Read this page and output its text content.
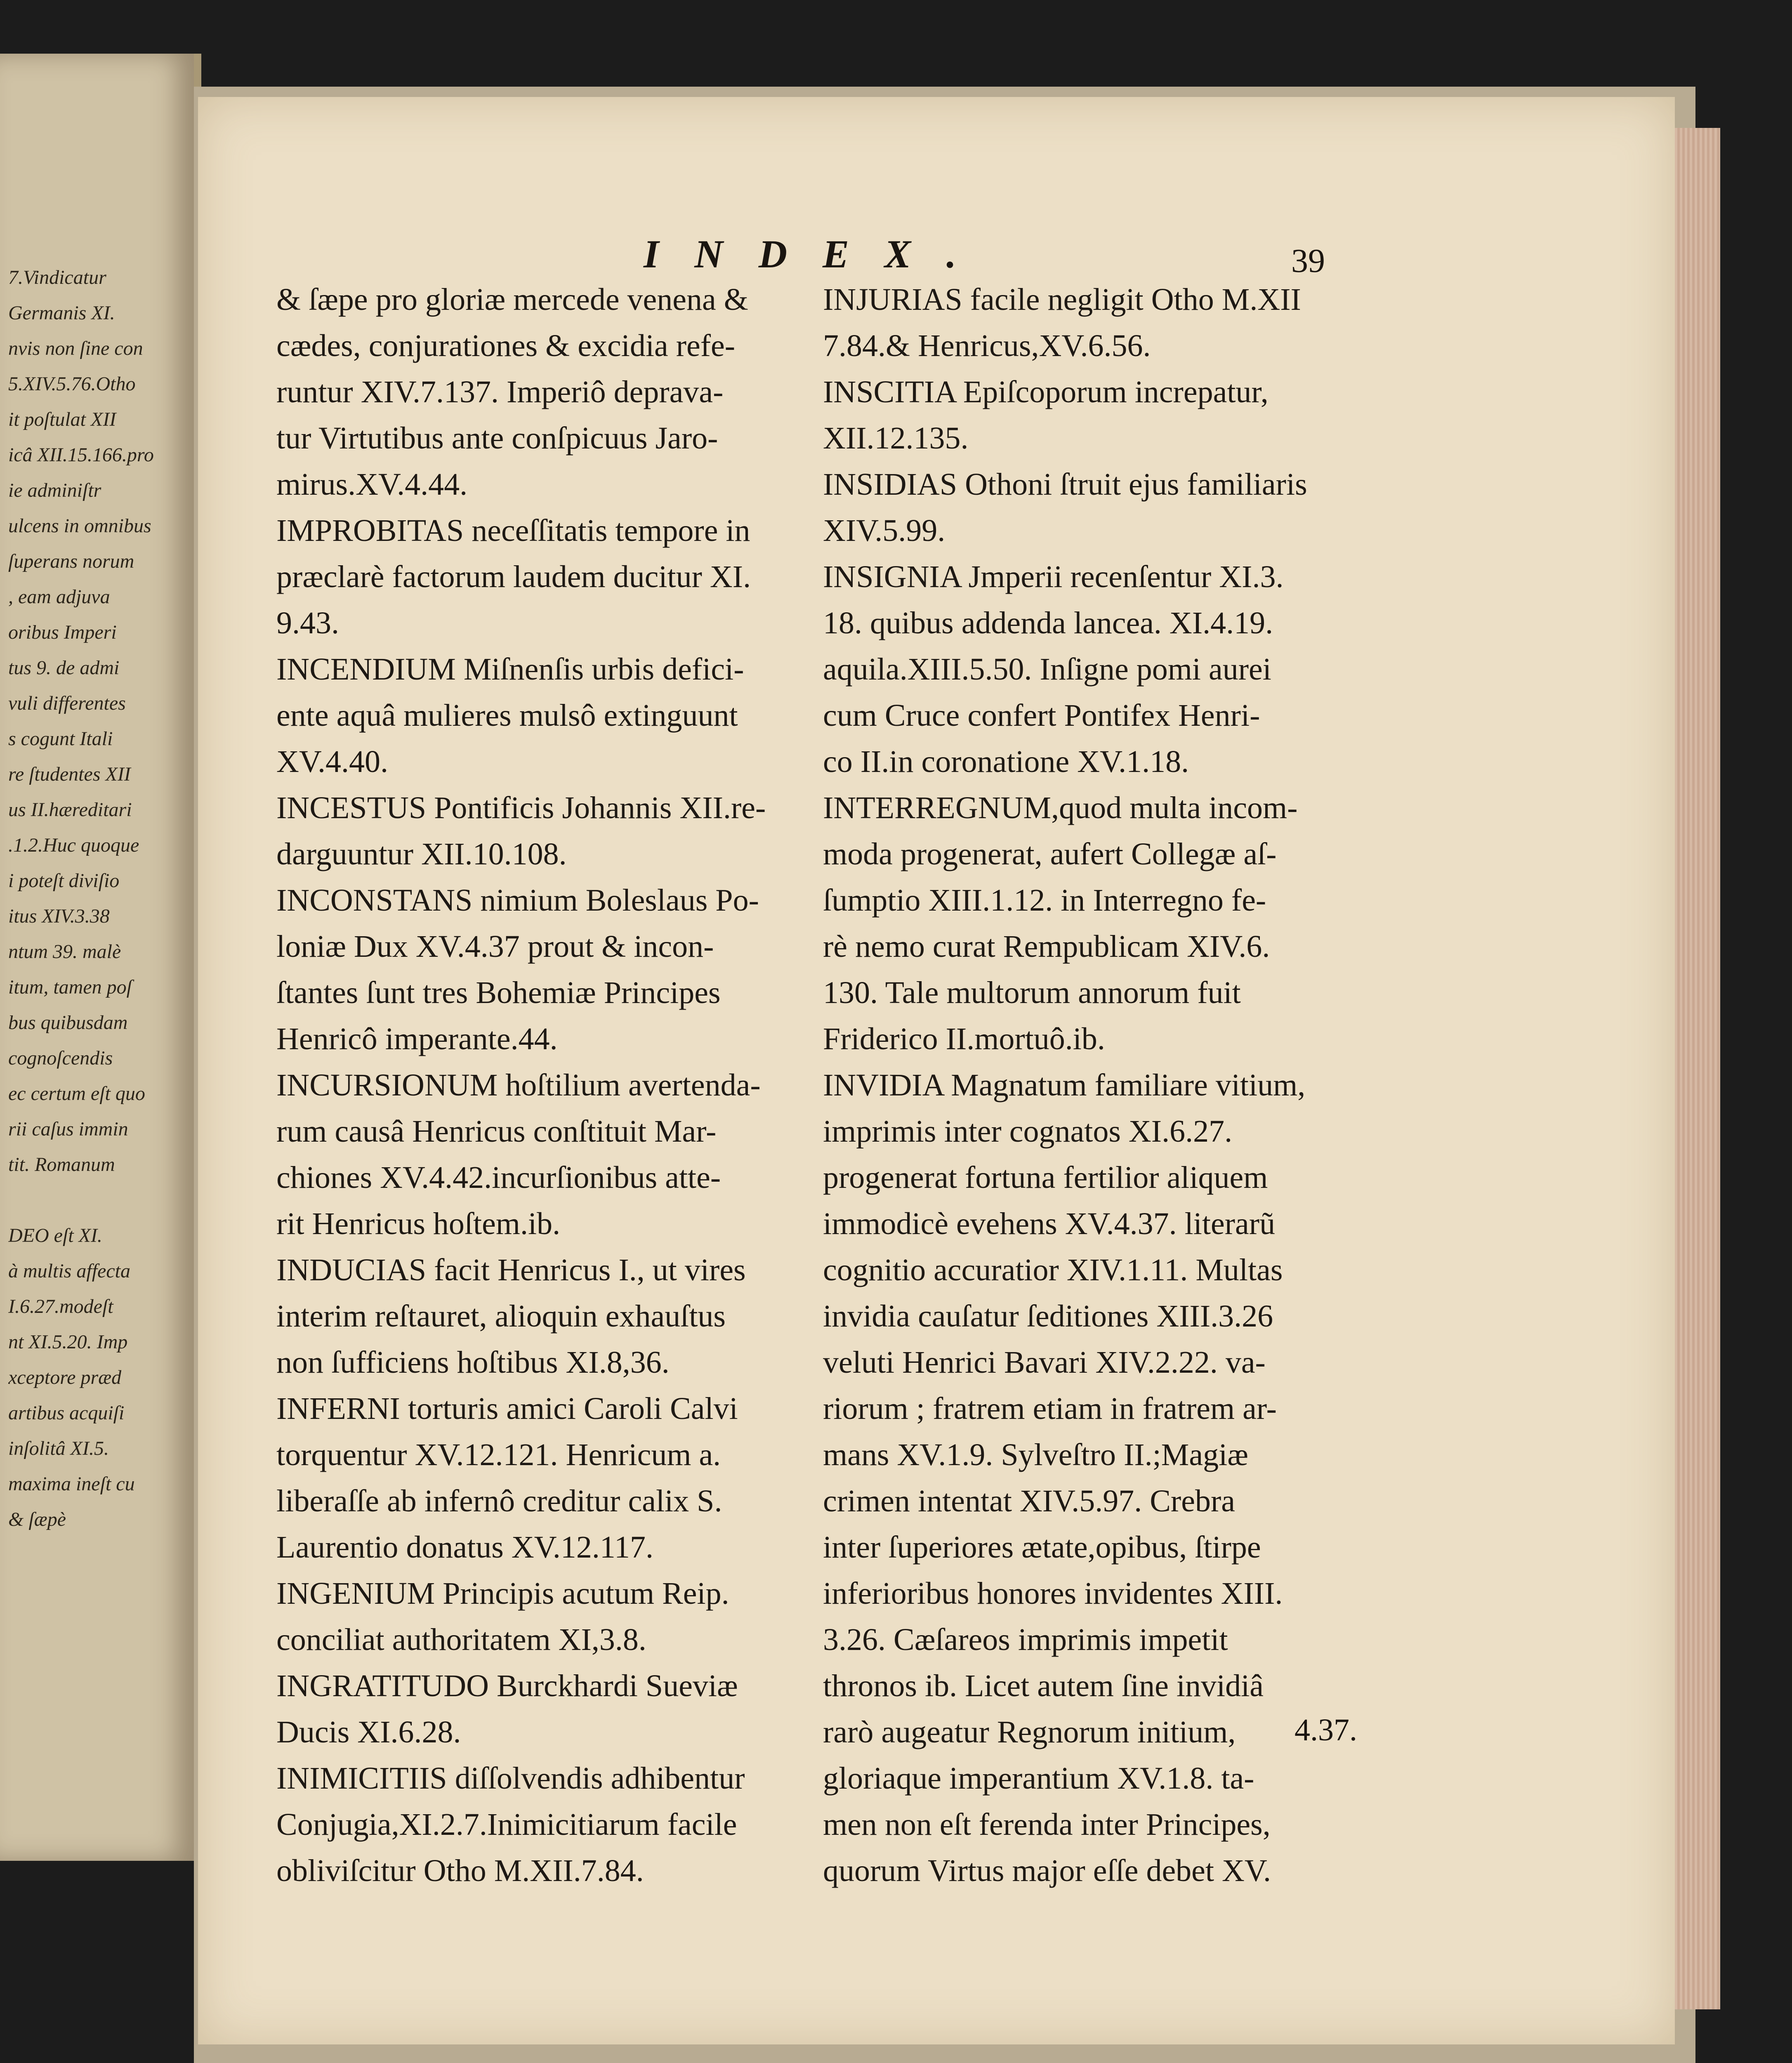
7.Vindicatur
Germanis XI.
nvis non ſine con
5.XIV.5.76.Otho
it poſtulat XII
icâ XII.15.166.pro
ie adminiſtr
ulcens in omnibus
ſuperans norum
, eam adjuva
oribus Imperi
tus 9. de admi
vuli differentes
s cogunt Itali
re ſtudentes XII
us II.hæreditari
.1.2.Huc quoque
i poteſt diviſio
itus XIV.3.38
ntum 39. malè
itum, tamen poſ
bus quibusdam
cognoſcendis
ec certum eſt quo
rii caſus immin
tit. Romanum
DEO eſt XI.
à multis affecta
I.6.27.modeſt
nt XI.5.20. Imp
xceptore præd
artibus acquiſi
inſolitâ XI.5.
maxima ineſt cu
& ſæpè
INDEX.	39
& ſæpe pro gloriæ mercede venena &
cædes, conjurationes & excidia refe-
runtur XIV.7.137. Imperiô deprava-
tur Virtutibus ante conſpicuus Jaro-
mirus.XV.4.44.
IMPROBITAS neceſſitatis tempore in
præclarè factorum laudem ducitur XI.
9.43.
INCENDIUM Miſnenſis urbis defici-
ente aquâ mulieres mulsô extinguunt
XV.4.40.
INCESTUS Pontificis Johannis XII.re-
darguuntur XII.10.108.
INCONSTANS nimium Boleslaus Po-
loniæ Dux XV.4.37 prout & incon-
ſtantes ſunt tres Bohemiæ Principes
Henricô imperante.44.
INCURSIONUM hoſtilium avertenda-
rum causâ Henricus conſtituit Mar-
chiones XV.4.42.incurſionibus atte-
rit Henricus hoſtem.ib.
INDUCIAS facit Henricus I., ut vires
interim reſtauret, alioquin exhauſtus
non ſufficiens hoſtibus XI.8,36.
INFERNI torturis amici Caroli Calvi
torquentur XV.12.121. Henricum a.
liberaſſe ab infernô creditur calix S.
Laurentio donatus XV.12.117.
INGENIUM Principis acutum Reip.
conciliat authoritatem XI,3.8.
INGRATITUDO Burckhardi Sueviæ
Ducis XI.6.28.
INIMICITIIS diſſolvendis adhibentur
Conjugia,XI.2.7.Inimicitiarum facile
obliviſcitur Otho M.XII.7.84.
INJURIAS facile negligit Otho M.XII
7.84.& Henricus,XV.6.56.
INSCITIA Epiſcoporum increpatur,
XII.12.135.
INSIDIAS Othoni ſtruit ejus familiaris
XIV.5.99.
INSIGNIA Jmperii recenſentur XI.3.
18. quibus addenda lancea. XI.4.19.
aquila.XIII.5.50. Inſigne pomi aurei
cum Cruce confert Pontifex Henri-
co II.in coronatione XV.1.18.
INTERREGNUM,quod multa incom-
moda progenerat, aufert Collegæ aſ-
ſumptio XIII.1.12. in Interregno fe-
rè nemo curat Rempublicam XIV.6.
130. Tale multorum annorum fuit
Friderico II.mortuô.ib.
INVIDIA Magnatum familiare vitium,
imprimis inter cognatos XI.6.27.
progenerat fortuna fertilior aliquem
immodicè evehens XV.4.37. literarũ
cognitio accuratior XIV.1.11. Multas
invidia cauſatur ſeditiones XIII.3.26
veluti Henrici Bavari XIV.2.22. va-
riorum ; fratrem etiam in fratrem ar-
mans XV.1.9. Sylveſtro II.;Magiæ
crimen intentat XIV.5.97. Crebra
inter ſuperiores ætate,opibus, ſtirpe
inferioribus honores invidentes XIII.
3.26. Cæſareos imprimis impetit
thronos ib. Licet autem ſine invidiâ
rarò augeatur Regnorum initium,
gloriaque imperantium XV.1.8. ta-
men non eſt ferenda inter Principes,
quorum Virtus major eſſe debet XV.
4.37.
